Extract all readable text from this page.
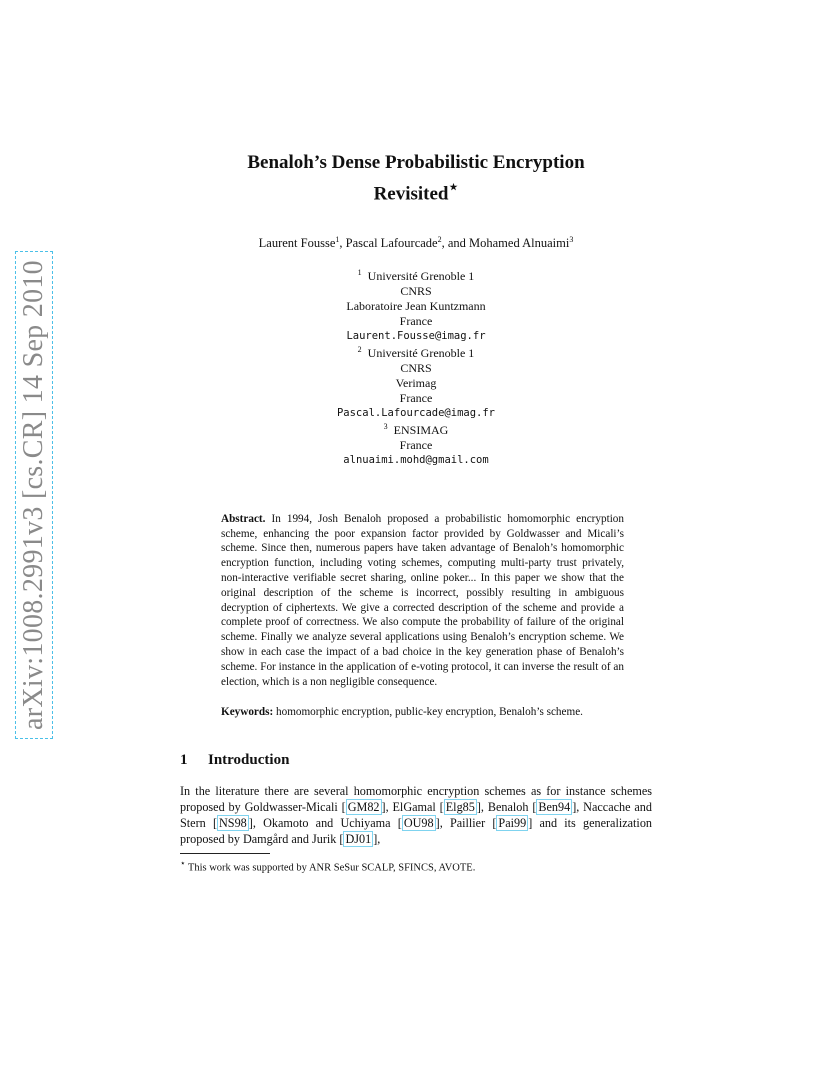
arXiv:1008.2991v3 [cs.CR] 14 Sep 2010
Benaloh’s Dense Probabilistic Encryption
Revisited⋆
Laurent Fousse$^1$, Pascal Lafourcade$^2$, and Mohamed Alnuaimi$^3$
$^1$ Université Grenoble 1
CNRS
Laboratoire Jean Kuntzmann
France
Laurent.Fousse@imag.fr
$^2$ Université Grenoble 1
CNRS
Verimag
France
Pascal.Lafourcade@imag.fr
$^3$ ENSIMAG
France
alnuaimi.mohd@gmail.com

Abstract. In 1994, Josh Benaloh proposed a probabilistic homomorphic encryption scheme, enhancing the poor expansion factor provided by Goldwasser and Micali’s scheme. Since then, numerous papers have taken advantage of Benaloh’s homomorphic encryption function, including voting schemes, computing multi-party trust privately, non-interactive verifiable secret sharing, online poker... In this paper we show that the original description of the scheme is incorrect, possibly resulting in ambiguous decryption of ciphertexts. We give a corrected description of the scheme and provide a complete proof of correctness. We also compute the probability of failure of the original scheme. Finally we analyze several applications using Benaloh’s encryption scheme. We show in each case the impact of a bad choice in the key generation phase of Benaloh’s scheme. For instance in the application of e-voting protocol, it can inverse the result of an election, which is a non negligible consequence.

Keywords: homomorphic encryption, public-key encryption, Benaloh’s scheme.

1 Introduction

In the literature there are several homomorphic encryption schemes as for instance schemes proposed by Goldwasser-Micali [ GM82 ], ElGamal [ Elg85 ], Benaloh [ Ben94 ], Naccache and Stern [ NS98 ], Okamoto and Uchiyama [ OU98 ], Paillier [ Pai99 ] and its generalization proposed by Damgård and Jurik [ DJ01 ],

⋆ This work was supported by ANR SeSur SCALP, SFINCS, AVOTE.
